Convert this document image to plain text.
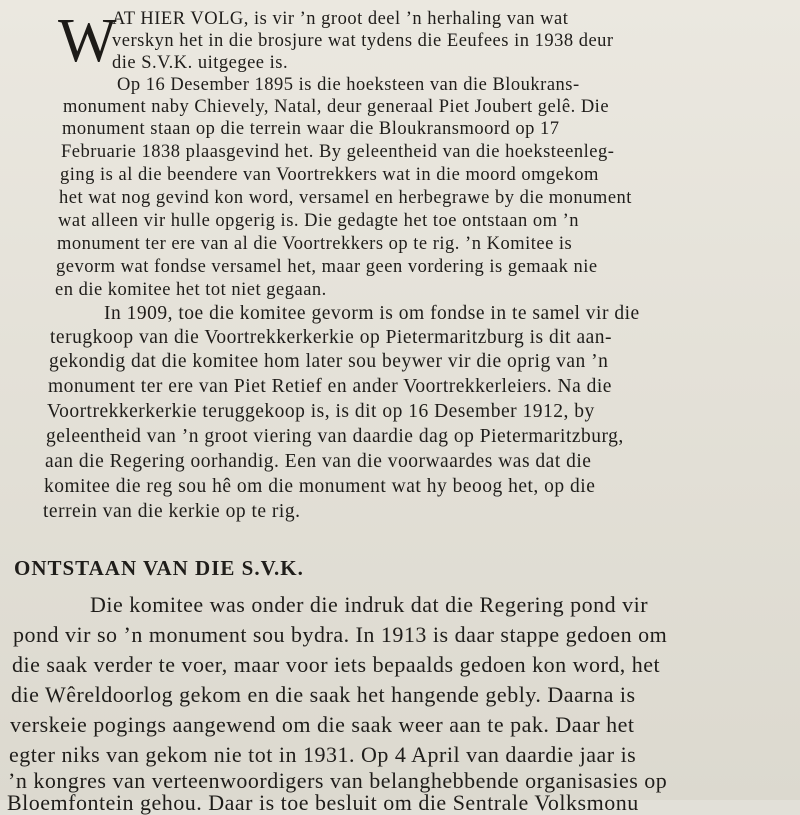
W

AT HIER VOLG, is vir ’n groot deel ’n herhaling van wat

verskyn het in die brosjure wat tydens die Eeufees in 1938 deur

die S.V.K. uitgegee is.

Op 16 Desember 1895 is die hoeksteen van die Bloukrans-

monument naby Chievely, Natal, deur generaal Piet Joubert gelê. Die

monument staan op die terrein waar die Bloukransmoord op 17

Februarie 1838 plaasgevind het. By geleentheid van die hoeksteenleg-

ging is al die beendere van Voortrekkers wat in die moord omgekom

het wat nog gevind kon word, versamel en herbegrawe by die monument

wat alleen vir hulle opgerig is. Die gedagte het toe ontstaan om ’n

monument ter ere van al die Voortrekkers op te rig. ’n Komitee is

gevorm wat fondse versamel het, maar geen vordering is gemaak nie

en die komitee het tot niet gegaan.

In 1909, toe die komitee gevorm is om fondse in te samel vir die

terugkoop van die Voortrekkerkerkie op Pietermaritzburg is dit aan-

gekondig dat die komitee hom later sou beywer vir die oprig van ’n

monument ter ere van Piet Retief en ander Voortrekkerleiers. Na die

Voortrekkerkerkie teruggekoop is, is dit op 16 Desember 1912, by

geleentheid van ’n groot viering van daardie dag op Pietermaritzburg,

aan die Regering oorhandig. Een van die voorwaardes was dat die

komitee die reg sou hê om die monument wat hy beoog het, op die

terrein van die kerkie op te rig.

ONTSTAAN VAN DIE S.V.K.

Die komitee was onder die indruk dat die Regering pond vir

pond vir so ’n monument sou bydra. In 1913 is daar stappe gedoen om

die saak verder te voer, maar voor iets bepaalds gedoen kon word, het

die Wêreldoorlog gekom en die saak het hangende gebly. Daarna is

verskeie pogings aangewend om die saak weer aan te pak. Daar het

egter niks van gekom nie tot in 1931. Op 4 April van daardie jaar is

’n kongres van verteenwoordigers van belanghebbende organisasies op

Bloemfontein gehou. Daar is toe besluit om die Sentrale Volksmonu
